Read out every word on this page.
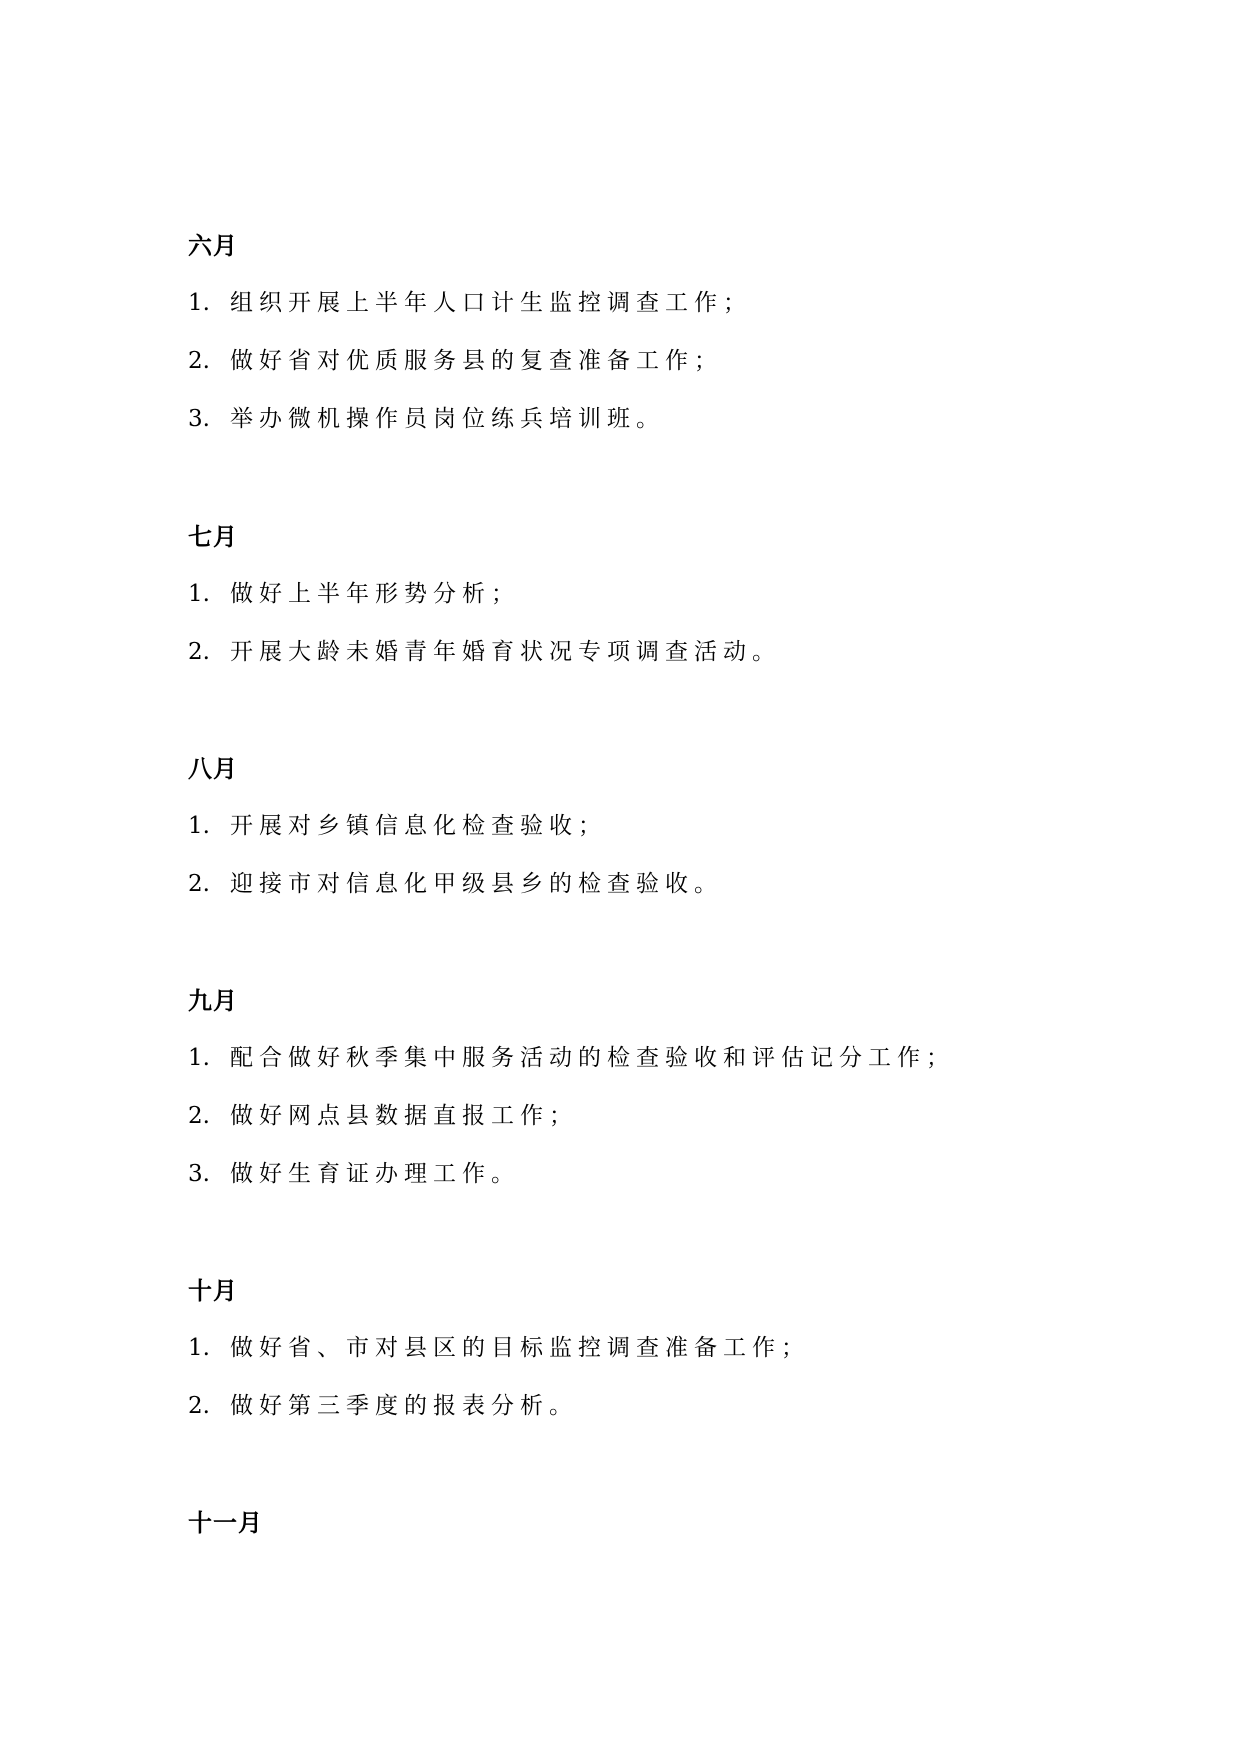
六月
1. 组织开展上半年人口计生监控调查工作；
2. 做好省对优质服务县的复查准备工作；
3. 举办微机操作员岗位练兵培训班。
七月
1. 做好上半年形势分析；
2. 开展大龄未婚青年婚育状况专项调查活动。
八月
1. 开展对乡镇信息化检查验收；
2. 迎接市对信息化甲级县乡的检查验收。
九月
1. 配合做好秋季集中服务活动的检查验收和评估记分工作；
2. 做好网点县数据直报工作；
3. 做好生育证办理工作。
十月
1. 做好省、市对县区的目标监控调查准备工作；
2. 做好第三季度的报表分析。
十一月
